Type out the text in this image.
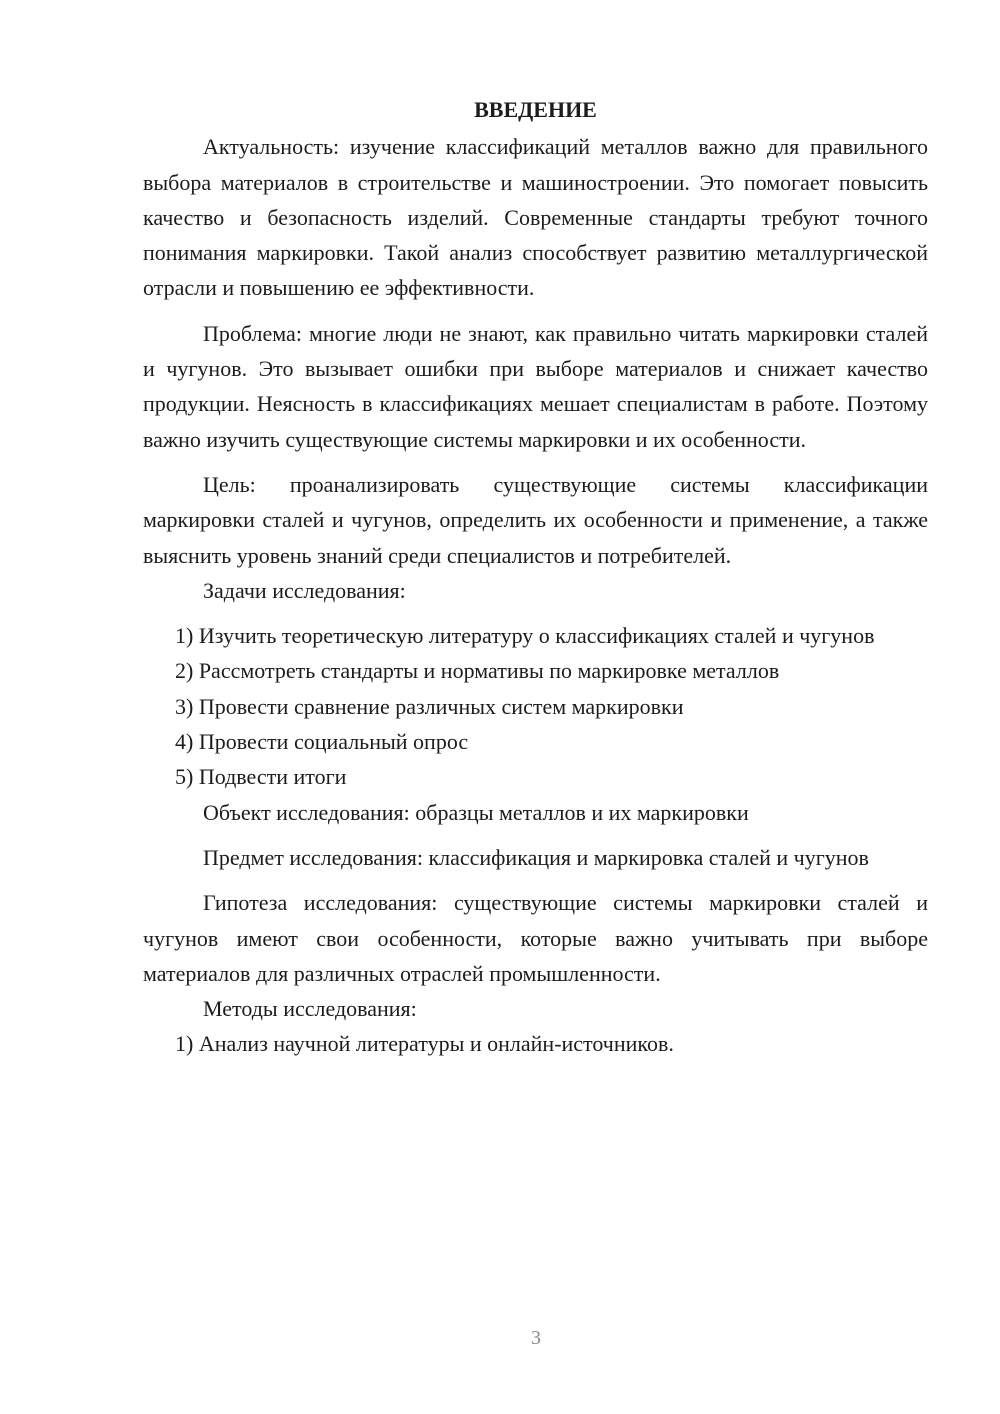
ВВЕДЕНИЕ

Актуальность: изучение классификаций металлов важно для правильного выбора материалов в строительстве и машиностроении. Это помогает повысить качество и безопасность изделий. Современные стандарты требуют точного понимания маркировки. Такой анализ способствует развитию металлургической отрасли и повышению ее эффективности.

Проблема: многие люди не знают, как правильно читать маркировки сталей и чугунов. Это вызывает ошибки при выборе материалов и снижает качество продукции. Неясность в классификациях мешает специалистам в работе. Поэтому важно изучить существующие системы маркировки и их особенности.

Цель: проанализировать существующие системы классификации маркировки сталей и чугунов, определить их особенности и применение, а также выяснить уровень знаний среди специалистов и потребителей.

Задачи исследования:

1) Изучить теоретическую литературу о классификациях сталей и чугунов

2) Рассмотреть стандарты и нормативы по маркировке металлов

3) Провести сравнение различных систем маркировки

4) Провести социальный опрос

5) Подвести итоги

Объект исследования: образцы металлов и их маркировки

Предмет исследования: классификация и маркировка сталей и чугунов

Гипотеза исследования: существующие системы маркировки сталей и чугунов имеют свои особенности, которые важно учитывать при выборе материалов для различных отраслей промышленности.

Методы исследования:

1) Анализ научной литературы и онлайн-источников.

3
